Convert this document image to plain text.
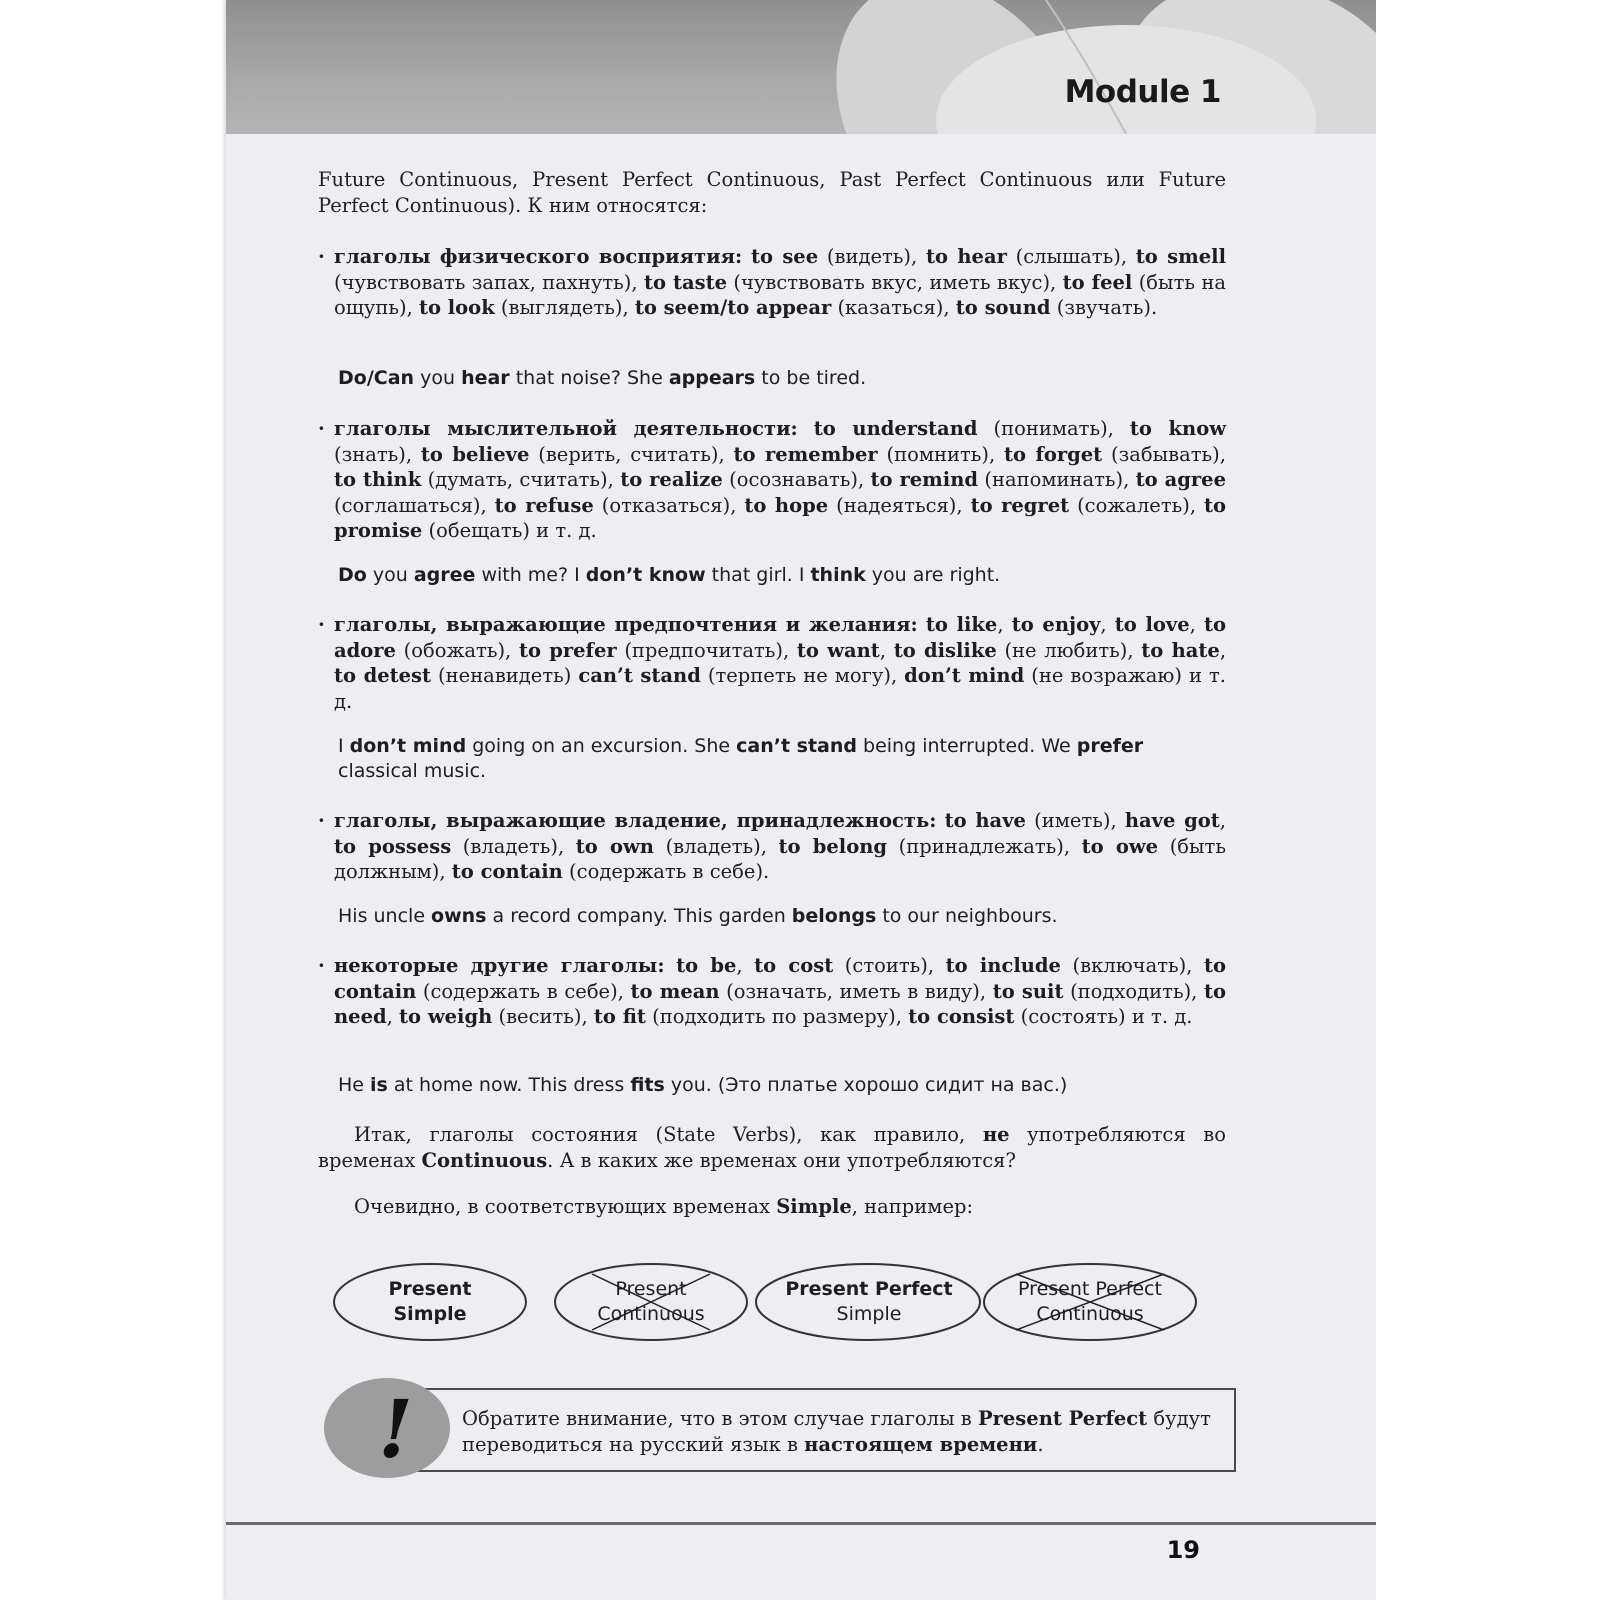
Module 1
Future Continuous, Present Perfect Continuous, Past Perfect Continuous или Future Perfect Continuous). К ним относятся:
· глаголы физического восприятия: to see (видеть), to hear (слышать), to smell (чувствовать запах, пахнуть), to taste (чувствовать вкус, иметь вкус), to feel (быть на ощупь), to look (выглядеть), to seem/to appear (казаться), to sound (звучать).
Do/Can you hear that noise? She appears to be tired.
· глаголы мыслительной деятельности: to understand (понимать), to know (знать), to believe (верить, считать), to remember (помнить), to forget (забывать), to think (думать, считать), to realize (осознавать), to remind (напоминать), to agree (соглашаться), to refuse (отказаться), to hope (надеяться), to regret (сожалеть), to promise (обещать) и т. д.
Do you agree with me? I don’t know that girl. I think you are right.
· глаголы, выражающие предпочтения и желания: to like, to enjoy, to love, to adore (обожать), to prefer (предпочитать), to want, to dislike (не любить), to hate, to detest (ненавидеть) can’t stand (терпеть не могу), don’t mind (не возражаю) и т. д.
I don’t mind going on an excursion. She can’t stand being interrupted. We prefer classical music.
· глаголы, выражающие владение, принадлежность: to have (иметь), have got, to possess (владеть), to own (владеть), to belong (принадлежать), to owe (быть должным), to contain (содержать в себе).
His uncle owns a record company. This garden belongs to our neighbours.
· некоторые другие глаголы: to be, to cost (стоить), to include (включать), to contain (содержать в себе), to mean (означать, иметь в виду), to suit (подходить), to need, to weigh (весить), to fit (подходить по размеру), to consist (состоять) и т. д.
He is at home now. This dress fits you. (Это платье хорошо сидит на вас.)
Итак, глаголы состояния (State Verbs), как правило, не употребляются во временах Continuous. А в каких же временах они употребляются?
Очевидно, в соответствующих временах Simple, например:
Present
Simple
Present
Continuous
Present Perfect
Simple
Present Perfect
Continuous
!	Обратите внимание, что в этом случае глаголы в Present Perfect будут переводиться на русский язык в настоящем времени.
19
